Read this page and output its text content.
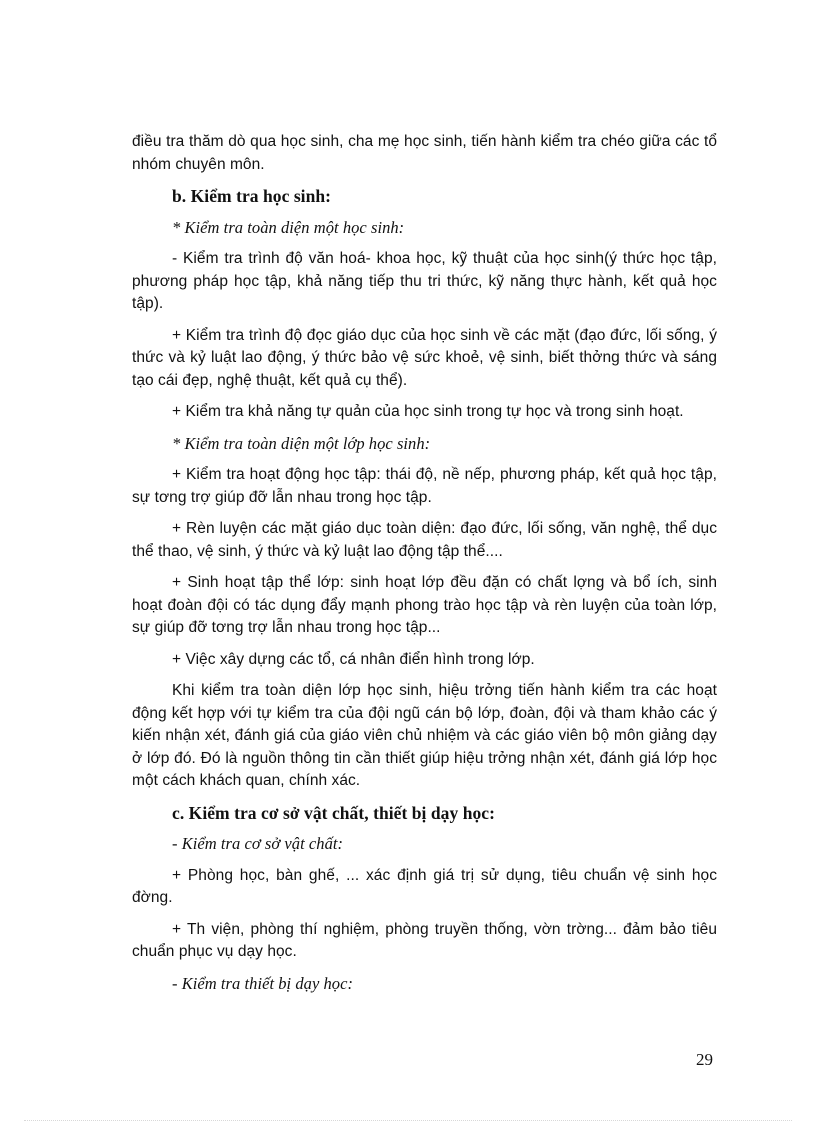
điều tra thăm dò qua học sinh, cha mẹ học sinh, tiến hành kiểm tra chéo giữa các tổ nhóm chuyên môn.

b. Kiểm tra học sinh:

* Kiểm tra toàn diện một học sinh:

- Kiểm tra trình độ văn hoá- khoa học, kỹ thuật của học sinh(ý thức học tập, phương pháp học tập, khả năng tiếp thu tri thức, kỹ năng thực hành, kết quả học tập).

+ Kiểm tra trình độ đọc giáo dục của học sinh về các mặt (đạo đức, lối sống, ý thức và kỷ luật lao động, ý thức bảo vệ sức khoẻ, vệ sinh, biết thởng thức và sáng tạo cái đẹp, nghệ thuật, kết quả cụ thể).

+ Kiểm tra khả năng tự quản của học sinh trong tự học và trong sinh hoạt.

* Kiểm tra toàn diện một lớp học sinh:

+ Kiểm tra hoạt động học tập: thái độ, nề nếp, phương pháp, kết quả học tập, sự tơng trợ giúp đỡ lẫn nhau trong học tập.

+ Rèn luyện các mặt giáo dục toàn diện: đạo đức, lối sống, văn nghệ, thể dục thể thao, vệ sinh, ý thức và kỷ luật lao động tập thể....

+ Sinh hoạt tập thể lớp: sinh hoạt lớp đều đặn có chất lợng và bổ ích, sinh hoạt đoàn đội có tác dụng đẩy mạnh phong trào học tập và rèn luyện của toàn lớp, sự giúp đỡ tơng trợ lẫn nhau trong học tập...

+ Việc xây dựng các tổ, cá nhân điển hình trong lớp.

Khi kiểm tra toàn diện lớp học sinh, hiệu trởng tiến hành kiểm tra các hoạt động kết hợp với tự kiểm tra của đội ngũ cán bộ lớp, đoàn, đội và tham khảo các ý kiến nhận xét, đánh giá của giáo viên chủ nhiệm và các giáo viên bộ môn giảng dạy ở lớp đó. Đó là nguồn thông tin cần thiết giúp hiệu trởng nhận xét, đánh giá lớp học một cách khách quan, chính xác.

c. Kiểm tra cơ sở vật chất, thiết bị dạy học:

- Kiểm tra cơ sở vật chất:

+ Phòng học, bàn ghế, ... xác định giá trị sử dụng, tiêu chuẩn vệ sinh học đờng.

+ Th viện, phòng thí nghiệm, phòng truyền thống, vờn trờng... đảm bảo tiêu chuẩn phục vụ dạy học.

- Kiểm tra thiết bị dạy học:

29
